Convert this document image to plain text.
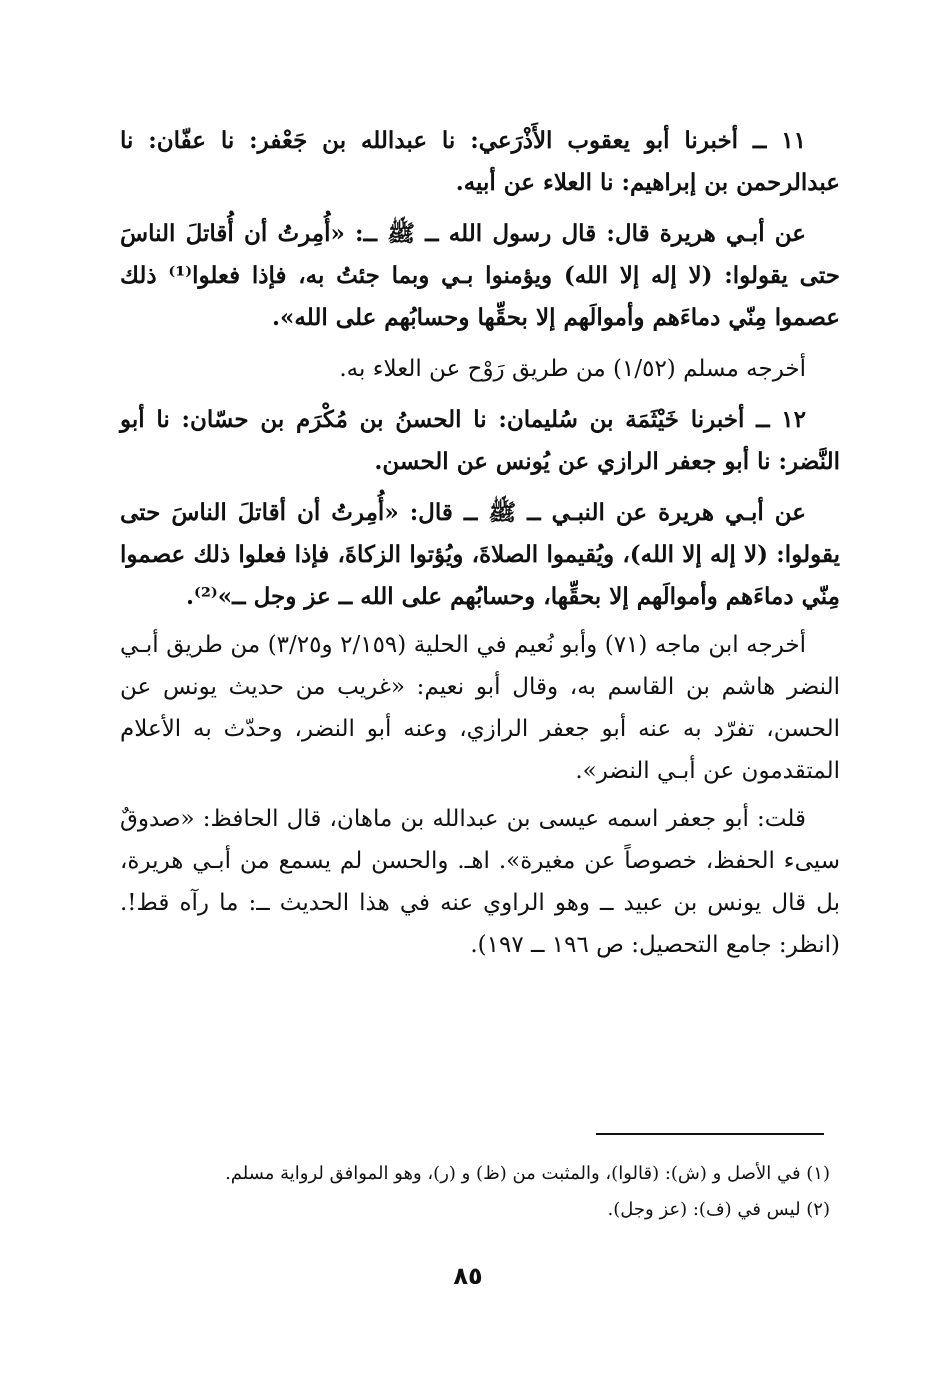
١١ ــ أخبرنا أبو يعقوب الأَذْرَعي: نا عبدالله بن جَعْفر: نا عفّان: نا عبدالرحمن بن إبراهيم: نا العلاء عن أبيه.

عن أبـي هريرة قال: قال رسول الله ــ ﷺ ــ: «أُمِرتُ أن أُقاتلَ الناسَ حتى يقولوا: (لا إله إلا الله) ويؤمنوا بـي وبما جئتُ به، فإذا فعلوا⁽¹⁾ ذلك عصموا مِنّي دماءَهم وأموالَهم إلا بحقِّها وحسابُهم على الله».

أخرجه مسلم (١/٥٢) من طريق رَوْح عن العلاء به.

١٢ ــ أخبرنا خَيْثَمَة بن سُليمان: نا الحسنُ بن مُكْرَم بن حسّان: نا أبو النَّضر: نا أبو جعفر الرازي عن يُونس عن الحسن.

عن أبـي هريرة عن النبـي ــ ﷺ ــ قال: «أُمِرتُ أن أقاتلَ الناسَ حتى يقولوا: (لا إله إلا الله)، ويُقيموا الصلاةَ، ويُؤتوا الزكاةَ، فإذا فعلوا ذلك عصموا مِنّي دماءَهم وأموالَهم إلا بحقِّها، وحسابُهم على الله ــ عز وجل ــ»⁽²⁾.

أخرجه ابن ماجه (٧١) وأبو نُعيم في الحلية (٢/١٥٩ و٣/٢٥) من طريق أبـي النضر هاشم بن القاسم به، وقال أبو نعيم: «غريب من حديث يونس عن الحسن، تفرّد به عنه أبو جعفر الرازي، وعنه أبو النضر، وحدّث به الأعلام المتقدمون عن أبـي النضر».

قلت: أبو جعفر اسمه عيسى بن عبدالله بن ماهان، قال الحافظ: «صدوقٌ سيىء الحفظ، خصوصاً عن مغيرة». اهـ. والحسن لم يسمع من أبـي هريرة، بل قال يونس بن عبيد ــ وهو الراوي عنه في هذا الحديث ــ: ما رآه قط!. (انظر: جامع التحصيل: ص ١٩٦ ــ ١٩٧).

(١) في الأصل و (ش): (قالوا)، والمثبت من (ظ) و (ر)، وهو الموافق لرواية مسلم.

(٢) ليس في (ف): (عز وجل).

٨٥
